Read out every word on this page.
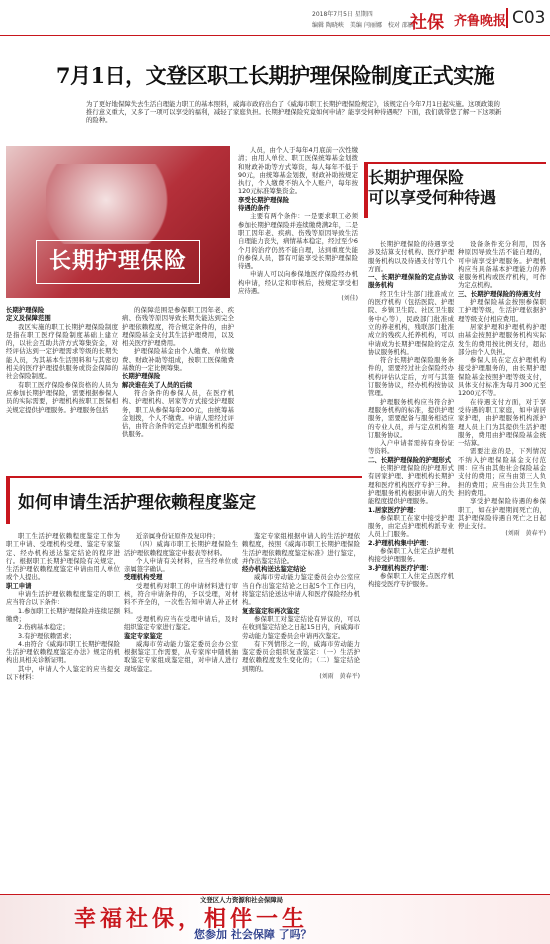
2018年7月5日 星期四
编辑 陶晓峡　美编 闫丽娜　校对 邵雁
社保 齐鲁晚报 C03
7月1日，文登区职工长期护理保险制度正式实施
为了更好地保障失去生活自理能力职工的基本照料，威海市政府出台了《威海市职工长期护理保险规定》，该规定自今年7月1日起实施。这项政策的推行意义重大，又多了一项可以享受的福利，减轻了家庭负担。长期护理保险究竟如何申请？能享受何种待遇呢？下面，我们就带您了解一下这项新的险种。
长期护理保险
长期护理保险
定义及保障范围
我区实施的职工长期护理保险制度是指在职工医疗保险制度基础上建立的，以社会互助共济方式筹集资金，对经评估达到一定护理需求等级的长期失能人员，为其基本生活照料和与其密切相关的医疗护理提供服务或资金保障的社会保险制度。
有职工医疗保险参保资格的人员为应参加长期护理保险，需要根据参保人员的实际需要，护理机构按职工医保相关规定提供护理服务。护理服务包括
的保障范围是参保职工因年老、疾病、伤残等原因导致长期失能达到完全护理依赖程度，符合规定条件的，由护理保险基金支付其生活护理费用，以及相关医疗护理费用。
护理保险基金由个人缴费、单位缴费、财政补助等组成，按职工医保缴费基数的一定比例筹集。
长期护理保险
解决谁在关了人员的后续
符合条件的参保人员，在医疗机构、护理机构、居家等方式接受护理服务，职工从参保每年200元，由统筹基金划拨，个人不缴费。申请人需经过评估，由符合条件的定点护理服务机构提供服务。
人员，由个人于每年4月底前一次性缴清；由用人单位、职工医保统筹基金划拨和财政补助等方式筹资，每人每年不低于90元，由统筹基金划拨，财政补助按规定执行，个人缴费不纳入个人账户，每年按120元标准筹集资金。
享受长期护理保险
待遇的条件
主要有两个条件：一是要求职工必须参加长期护理保险并连续缴费满2年，二是职工因年老、疾病、伤残等原因导致生活自理能力丧失，病情基本稳定，经过至少6个月的治疗仍然不能自理，达到重度失能的参保人员，都有可能享受长期护理保险待遇。
申请人可以向参保地医疗保险经办机构申请，经认定和审核后，按规定享受相应待遇。
(刘佳)
长期护理保险
可以享受何种待遇
长期护理保险的待遇享受涉及结算支付机构、医疗护理服务机构以及待遇支付等几个方面。
一、长期护理保险的定点协议服务机构
经卫生计生部门批准成立的医疗机构（包括医院、护理院、乡镇卫生院、社区卫生服务中心等），民政部门批准成立的养老机构，残联部门批准成立的残疾人托养机构，可以申请成为长期护理保险的定点协议服务机构。
符合长期护理保险服务条件的，需要经过社会保险经办机构评估认定后，方可与其签订服务协议，经办机构按协议管理。
护理服务机构应当符合护理服务机构的标准，提供护理服务，需要配备与服务相适应的专业人员，并与定点机构签订服务协议。
入户申请者需持有身份证等资料。
二、长期护理保险的护理形式
长期护理保险的护理形式有居家护理、护理机构长期护理和医疗机构医疗专护三种。护理服务机构根据申请人的失能程度提供护理服务。
1.居家医疗护理：
参保职工在家中接受护理服务，由定点护理机构派专业人员上门服务。
2.护理机构集中护理：
参保职工入住定点护理机构接受护理服务。
3.护理机构医疗护理：
参保职工入住定点医疗机构接受医疗专护服务。
设备条件充分利用，因各种原因导致生活不能自理的，可申请享受护理服务。护理机构应当具备基本护理能力的养老服务机构或医疗机构，可作为定点机构。
三、长期护理保险的待遇支付
护理保险基金按照参保职工护理等级，生活护理依据护理等级支付相应费用。
居家护理和护理机构护理由基金按照护理服务机构实际发生的费用按比例支付，超出部分由个人负担。
参保人员在定点护理机构接受护理服务的，由长期护理保险基金按照护理等级支付，具体支付标准为每月300元至1200元不等。
在待遇支付方面，对于享受待遇的职工家庭，如申请居家护理，由护理服务机构派护理人员上门为其提供生活护理服务，费用由护理保险基金统一结算。
需要注意的是，下列情况不纳入护理保险基金支付范围：应当由其他社会保险基金支付的费用；应当由第三人负担的费用；应当由公共卫生负担的费用。
享受护理保险待遇的参保职工，如在护理期间死亡的，其护理保险待遇自死亡之日起停止支付。
(刘雨　黄春平)
如何申请生活护理依赖程度鉴定
职工生活护理依赖程度鉴定工作为职工申请、受理机构受理、鉴定专家鉴定、经办机构送达鉴定结论的程序进行。根据职工长期护理保险有关规定，生活护理依赖程度鉴定申请由用人单位或个人提出。
职工申请
申请生活护理依赖程度鉴定的职工应当符合以下条件：
1.参加职工长期护理保险并连续足额缴费；
2.伤病基本稳定；
3.有护理依赖需求；
4.由符合《威海市职工长期护理保险生活护理依赖程度鉴定办法》规定的机构出具相关诊断证明。
其中，申请人个人鉴定的应当提交以下材料：
近亲属身份证原件及复印件；
（四）威海市职工长期护理保险生活护理依赖程度鉴定申报表等材料。
个人申请有关材料，应当经单位或亲属签字确认。
受理机构受理
受理机构对职工的申请材料进行审核，符合申请条件的，予以受理，对材料不齐全的，一次性告知申请人补正材料。
受理机构应当在受理申请后，及时组织鉴定专家进行鉴定。
鉴定专家鉴定
威海市劳动能力鉴定委员会办公室根据鉴定工作需要，从专家库中随机抽取鉴定专家组成鉴定组，对申请人进行现场鉴定。
鉴定专家组根据申请人的生活护理依赖程度，按照《威海市职工长期护理保险生活护理依赖程度鉴定标准》进行鉴定，并作出鉴定结论。
经办机构送达鉴定结论
威海市劳动能力鉴定委员会办公室应当自作出鉴定结论之日起5个工作日内，将鉴定结论送达申请人和医疗保险经办机构。
复查鉴定和再次鉴定
参保职工对鉴定结论有异议的，可以在收到鉴定结论之日起15日内，向威海市劳动能力鉴定委员会申请再次鉴定。
有下列情形之一的，威海市劳动能力鉴定委员会组织复查鉴定：（一）生活护理依赖程度发生变化的；（二）鉴定结论到期的。
(刘雨　黄春平)
文登区人力资源和社会保障局
幸福社保，相伴一生
您参加 社会保障 了吗？
